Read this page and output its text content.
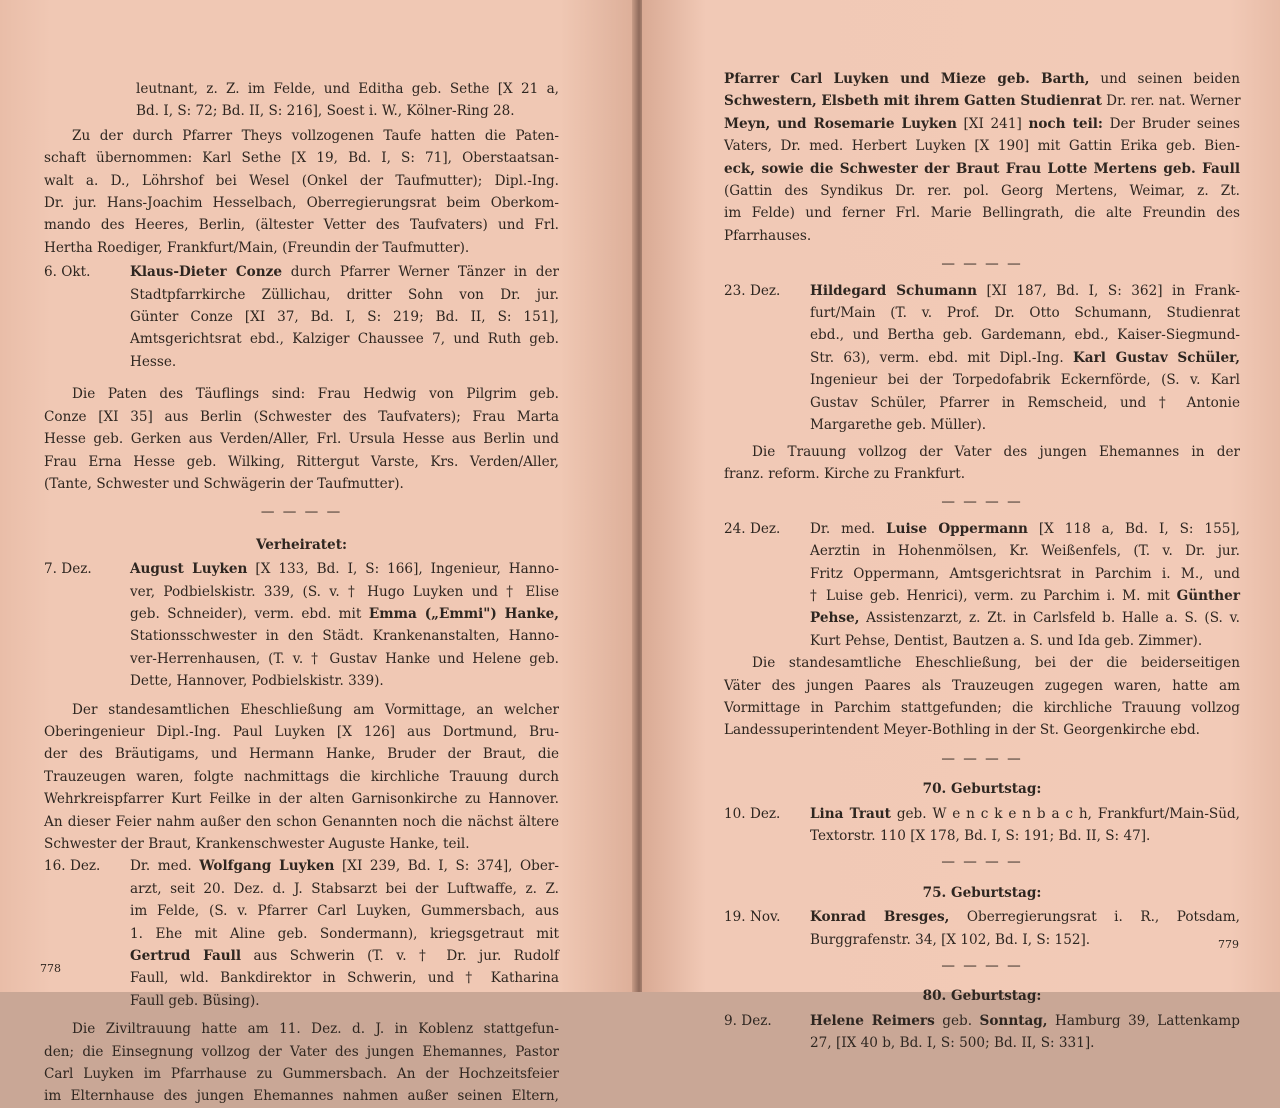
leutnant, z. Z. im Felde, und Editha geb. Sethe [X 21 a,
Bd. I, S: 72; Bd. II, S: 216], Soest i. W., Kölner-Ring 28.
Zu der durch Pfarrer Theys vollzogenen Taufe hatten die Paten-
schaft übernommen: Karl Sethe [X 19, Bd. I, S: 71], Oberstaatsan-
walt a. D., Löhrshof bei Wesel (Onkel der Taufmutter); Dipl.-Ing.
Dr. jur. Hans-Joachim Hesselbach, Oberregierungsrat beim Oberkom-
mando des Heeres, Berlin, (ältester Vetter des Taufvaters) und Frl.
Hertha Roediger, Frankfurt/Main, (Freundin der Taufmutter).
6. Okt.	Klaus-Dieter Conze durch Pfarrer Werner Tänzer in der
Stadtpfarrkirche Züllichau, dritter Sohn von Dr. jur.
Günter Conze [XI 37, Bd. I, S: 219; Bd. II, S: 151],
Amtsgerichtsrat ebd., Kalziger Chaussee 7, und Ruth geb.
Hesse.
Die Paten des Täuflings sind: Frau Hedwig von Pilgrim geb.
Conze [XI 35] aus Berlin (Schwester des Taufvaters); Frau Marta
Hesse geb. Gerken aus Verden/Aller, Frl. Ursula Hesse aus Berlin und
Frau Erna Hesse geb. Wilking, Rittergut Varste, Krs. Verden/Aller,
(Tante, Schwester und Schwägerin der Taufmutter).
— — — —
Verheiratet:
7. Dez.	August Luyken [X 133, Bd. I, S: 166], Ingenieur, Hanno-
ver, Podbielskistr. 339, (S. v. † Hugo Luyken und † Elise
geb. Schneider), verm. ebd. mit Emma („Emmi") Hanke,
Stationsschwester in den Städt. Krankenanstalten, Hanno-
ver-Herrenhausen, (T. v. † Gustav Hanke und Helene geb.
Dette, Hannover, Podbielskistr. 339).
Der standesamtlichen Eheschließung am Vormittage, an welcher
Oberingenieur Dipl.-Ing. Paul Luyken [X 126] aus Dortmund, Bru-
der des Bräutigams, und Hermann Hanke, Bruder der Braut, die
Trauzeugen waren, folgte nachmittags die kirchliche Trauung durch
Wehrkreispfarrer Kurt Feilke in der alten Garnisonkirche zu Hannover.
An dieser Feier nahm außer den schon Genannten noch die nächst ältere
Schwester der Braut, Krankenschwester Auguste Hanke, teil.
16. Dez.	Dr. med. Wolfgang Luyken [XI 239, Bd. I, S: 374], Ober-
arzt, seit 20. Dez. d. J. Stabsarzt bei der Luftwaffe, z. Z.
im Felde, (S. v. Pfarrer Carl Luyken, Gummersbach, aus
1. Ehe mit Aline geb. Sondermann), kriegsgetraut mit
Gertrud Faull aus Schwerin (T. v. † Dr. jur. Rudolf
Faull, wld. Bankdirektor in Schwerin, und † Katharina
Faull geb. Büsing).
Die Ziviltrauung hatte am 11. Dez. d. J. in Koblenz stattgefun-
den; die Einsegnung vollzog der Vater des jungen Ehemannes, Pastor
Carl Luyken im Pfarrhause zu Gummersbach. An der Hochzeitsfeier
im Elternhause des jungen Ehemannes nahmen außer seinen Eltern,
778
Pfarrer Carl Luyken und Mieze geb. Barth, und seinen beiden
Schwestern, Elsbeth mit ihrem Gatten Studienrat Dr. rer. nat. Werner
Meyn, und Rosemarie Luyken [XI 241] noch teil: Der Bruder seines
Vaters, Dr. med. Herbert Luyken [X 190] mit Gattin Erika geb. Bien-
eck, sowie die Schwester der Braut Frau Lotte Mertens geb. Faull
(Gattin des Syndikus Dr. rer. pol. Georg Mertens, Weimar, z. Zt.
im Felde) und ferner Frl. Marie Bellingrath, die alte Freundin des
Pfarrhauses.
— — — —
23. Dez.	Hildegard Schumann [XI 187, Bd. I, S: 362] in Frank-
furt/Main (T. v. Prof. Dr. Otto Schumann, Studienrat
ebd., und Bertha geb. Gardemann, ebd., Kaiser-Siegmund-
Str. 63), verm. ebd. mit Dipl.-Ing. Karl Gustav Schüler,
Ingenieur bei der Torpedofabrik Eckernförde, (S. v. Karl
Gustav Schüler, Pfarrer in Remscheid, und † Antonie
Margarethe geb. Müller).
Die Trauung vollzog der Vater des jungen Ehemannes in der
franz. reform. Kirche zu Frankfurt.
— — — —
24. Dez.	Dr. med. Luise Oppermann [X 118 a, Bd. I, S: 155],
Aerztin in Hohenmölsen, Kr. Weißenfels, (T. v. Dr. jur.
Fritz Oppermann, Amtsgerichtsrat in Parchim i. M., und
† Luise geb. Henrici), verm. zu Parchim i. M. mit Günther
Pehse, Assistenzarzt, z. Zt. in Carlsfeld b. Halle a. S. (S. v.
Kurt Pehse, Dentist, Bautzen a. S. und Ida geb. Zimmer).
Die standesamtliche Eheschließung, bei der die beiderseitigen
Väter des jungen Paares als Trauzeugen zugegen waren, hatte am
Vormittage in Parchim stattgefunden; die kirchliche Trauung vollzog
Landessuperintendent Meyer-Bothling in der St. Georgenkirche ebd.
— — — —
70. Geburtstag:
10. Dez.	Lina Traut geb. W e n c k e n b a c h, Frankfurt/Main-Süd,
Textorstr. 110 [X 178, Bd. I, S: 191; Bd. II, S: 47].
— — — —
75. Geburtstag:
19. Nov.	Konrad Bresges, Oberregierungsrat i. R., Potsdam,
Burggrafenstr. 34, [X 102, Bd. I, S: 152].
— — — —
80. Geburtstag:
9. Dez.	Helene Reimers geb. Sonntag, Hamburg 39, Lattenkamp
27, [IX 40 b, Bd. I, S: 500; Bd. II, S: 331].
779
